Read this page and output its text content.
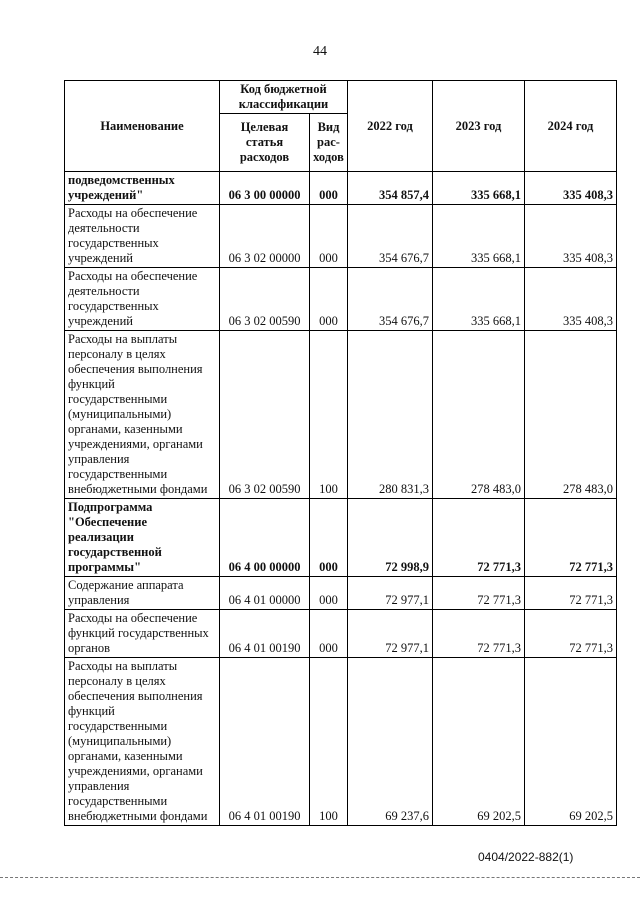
44
Наименование	Код бюджетной классификации		2022 год	2023 год	2024 год
	Целевая статья расходов	Вид рас-ходов			
подведомственных учреждений"	06 3 00 00000	000	354 857,4	335 668,1	335 408,3
Расходы на обеспечение деятельности государственных учреждений	06 3 02 00000	000	354 676,7	335 668,1	335 408,3
Расходы на обеспечение деятельности государственных учреждений	06 3 02 00590	000	354 676,7	335 668,1	335 408,3
Расходы на выплаты персоналу в целях обеспечения выполнения функций государственными (муниципальными) органами, казенными учреждениями, органами управления государственными внебюджетными фондами	06 3 02 00590	100	280 831,3	278 483,0	278 483,0
Подпрограмма "Обеспечение реализации государственной программы"	06 4 00 00000	000	72 998,9	72 771,3	72 771,3
Содержание аппарата управления	06 4 01 00000	000	72 977,1	72 771,3	72 771,3
Расходы на обеспечение функций государственных органов	06 4 01 00190	000	72 977,1	72 771,3	72 771,3
Расходы на выплаты персоналу в целях обеспечения выполнения функций государственными (муниципальными) органами, казенными учреждениями, органами управления государственными внебюджетными фондами	06 4 01 00190	100	69 237,6	69 202,5	69 202,5
0404/2022-882(1)
